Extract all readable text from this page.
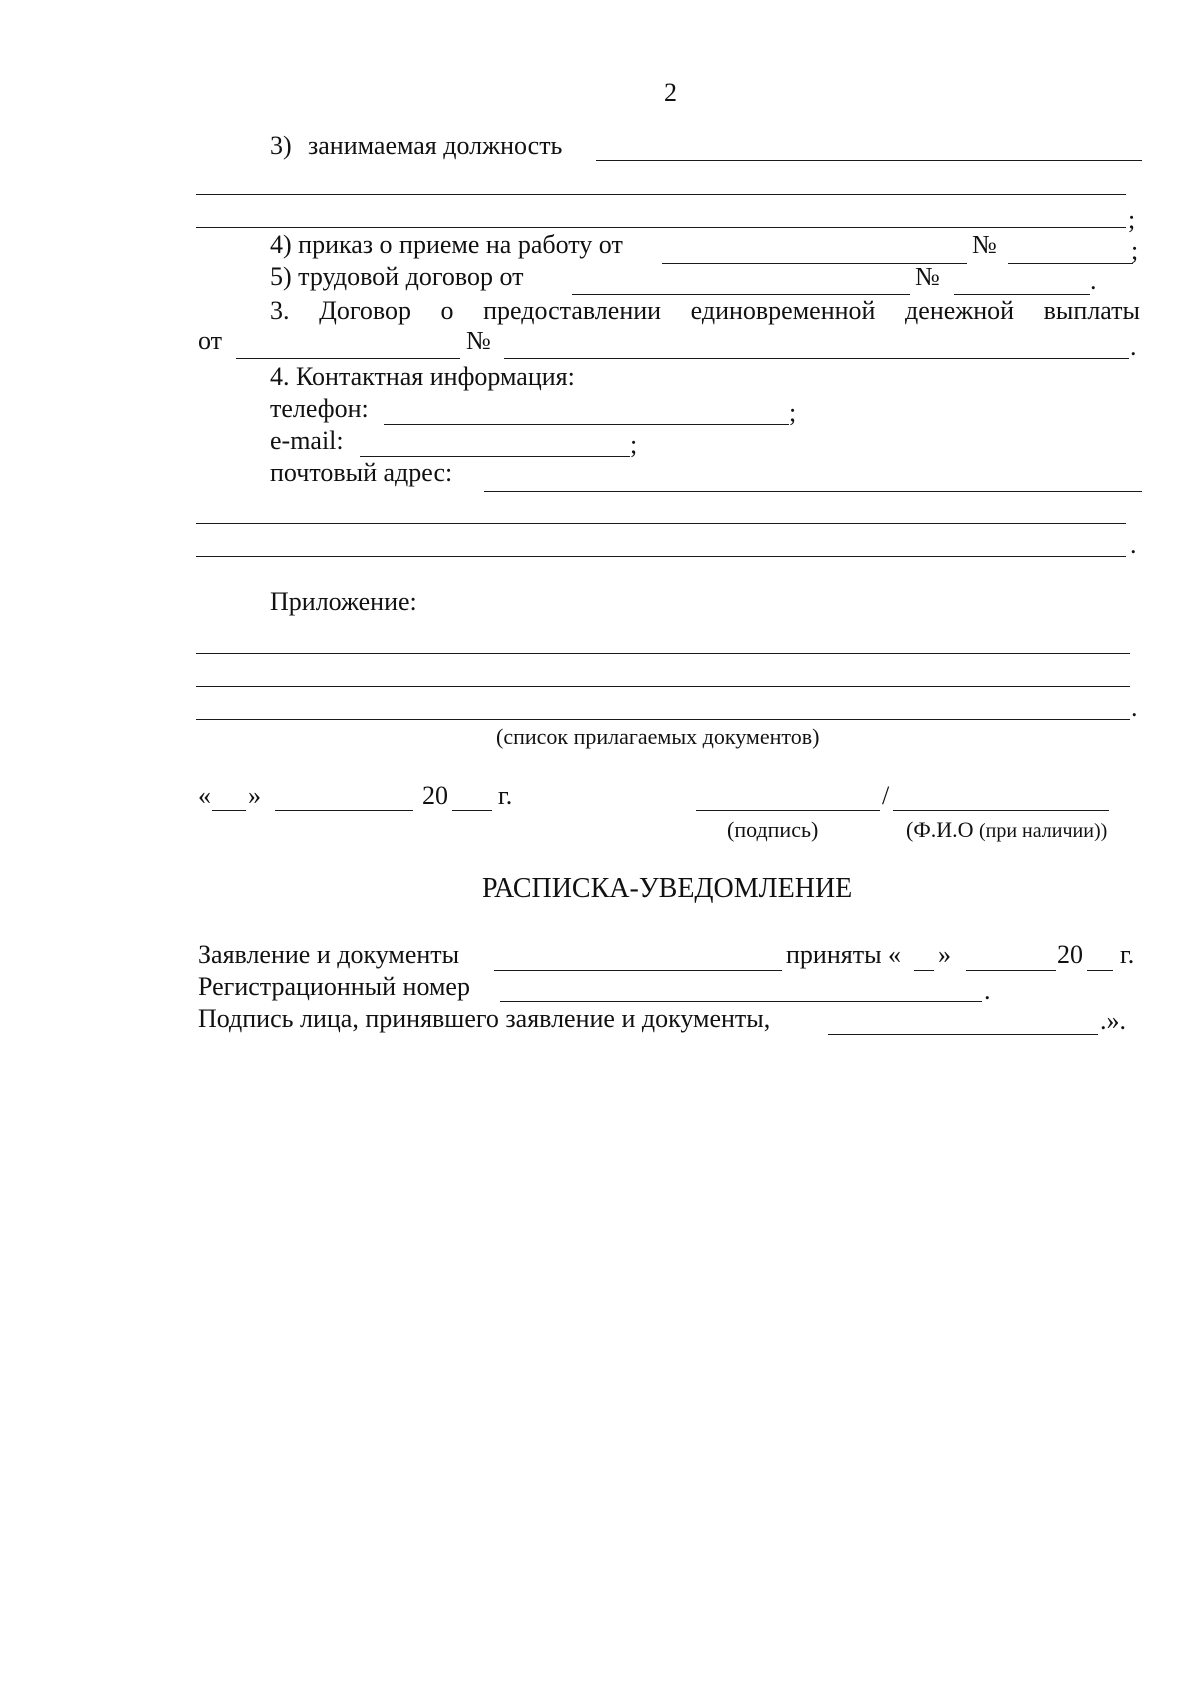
2
3) занимаемая должность
;
4) приказ о приеме на работу от	№	;
5) трудовой договор от	№	.
3. Договор о предоставлении единовременной денежной выплаты
от	№	.
4. Контактная информация:
телефон:	;
e-mail:	;
почтовый адрес:
.
Приложение:
.
(список прилагаемых документов)
« »	20 г.	/
(подпись)	(Ф.И.О (при наличии))
РАСПИСКА-УВЕДОМЛЕНИЕ
Заявление и документы	приняты « »	20 г.
Регистрационный номер	.
Подпись лица, принявшего заявление и документы,	.».
